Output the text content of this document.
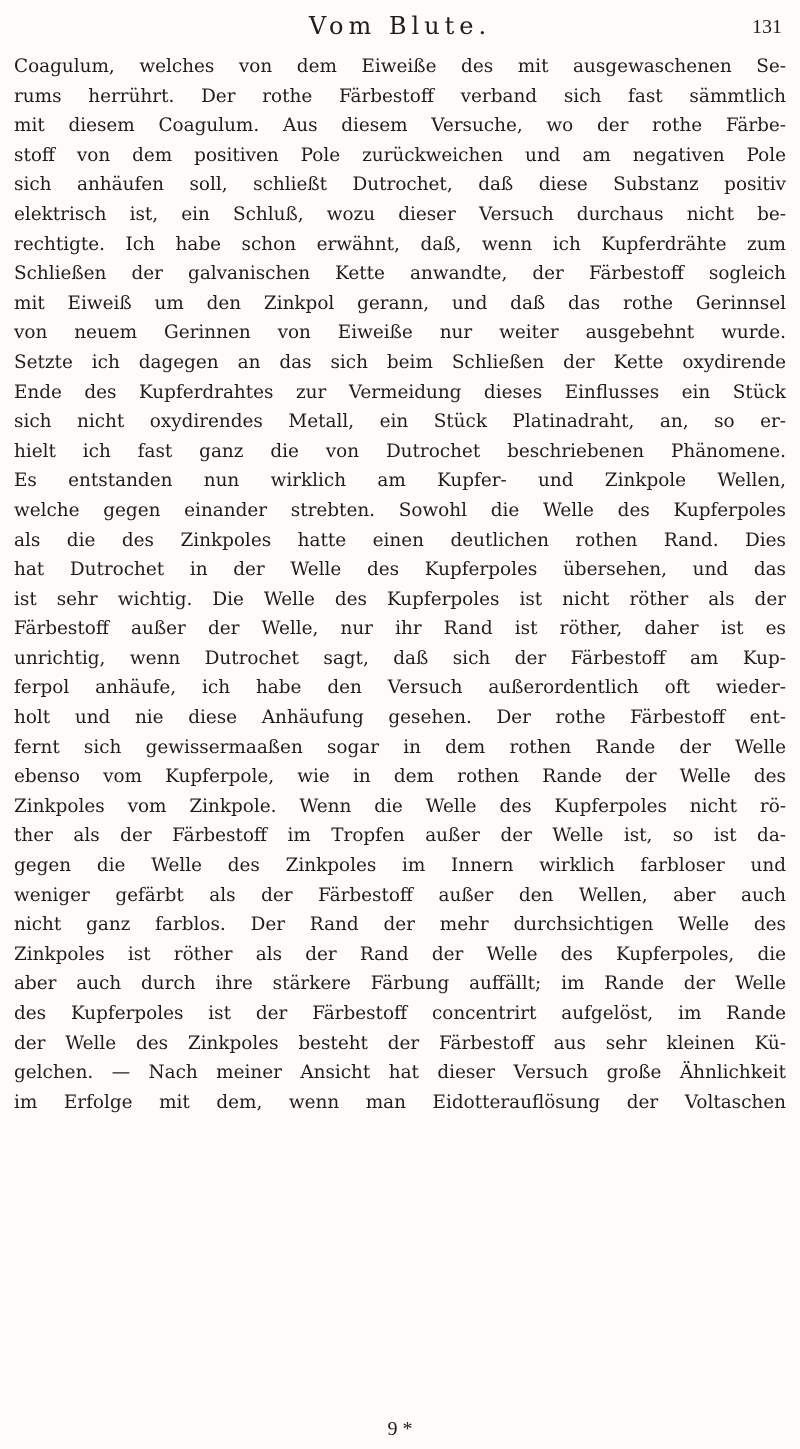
Vom Blute.	131
Coagulum, welches von dem Eiweiße des mit ausgewaschenen Se-
rums herrührt. Der rothe Färbestoff verband sich fast sämmtlich
mit diesem Coagulum. Aus diesem Versuche, wo der rothe Färbe-
stoff von dem positiven Pole zurückweichen und am negativen Pole
sich anhäufen soll, schließt Dutrochet, daß diese Substanz positiv
elektrisch ist, ein Schluß, wozu dieser Versuch durchaus nicht be-
rechtigte. Ich habe schon erwähnt, daß, wenn ich Kupferdrähte zum
Schließen der galvanischen Kette anwandte, der Färbestoff sogleich
mit Eiweiß um den Zinkpol gerann, und daß das rothe Gerinnsel
von neuem Gerinnen von Eiweiße nur weiter ausgebehnt wurde.
Setzte ich dagegen an das sich beim Schließen der Kette oxydirende
Ende des Kupferdrahtes zur Vermeidung dieses Einflusses ein Stück
sich nicht oxydirendes Metall, ein Stück Platinadraht, an, so er-
hielt ich fast ganz die von Dutrochet beschriebenen Phänomene.
Es entstanden nun wirklich am Kupfer- und Zinkpole Wellen,
welche gegen einander strebten. Sowohl die Welle des Kupferpoles
als die des Zinkpoles hatte einen deutlichen rothen Rand. Dies
hat Dutrochet in der Welle des Kupferpoles übersehen, und das
ist sehr wichtig. Die Welle des Kupferpoles ist nicht röther als der
Färbestoff außer der Welle, nur ihr Rand ist röther, daher ist es
unrichtig, wenn Dutrochet sagt, daß sich der Färbestoff am Kup-
ferpol anhäufe, ich habe den Versuch außerordentlich oft wieder-
holt und nie diese Anhäufung gesehen. Der rothe Färbestoff ent-
fernt sich gewissermaaßen sogar in dem rothen Rande der Welle
ebenso vom Kupferpole, wie in dem rothen Rande der Welle des
Zinkpoles vom Zinkpole. Wenn die Welle des Kupferpoles nicht rö-
ther als der Färbestoff im Tropfen außer der Welle ist, so ist da-
gegen die Welle des Zinkpoles im Innern wirklich farbloser und
weniger gefärbt als der Färbestoff außer den Wellen, aber auch
nicht ganz farblos. Der Rand der mehr durchsichtigen Welle des
Zinkpoles ist röther als der Rand der Welle des Kupferpoles, die
aber auch durch ihre stärkere Färbung auffällt; im Rande der Welle
des Kupferpoles ist der Färbestoff concentrirt aufgelöst, im Rande
der Welle des Zinkpoles besteht der Färbestoff aus sehr kleinen Kü-
gelchen. — Nach meiner Ansicht hat dieser Versuch große Ähnlichkeit
im Erfolge mit dem, wenn man Eidotterauflösung der Voltaschen
9 *
